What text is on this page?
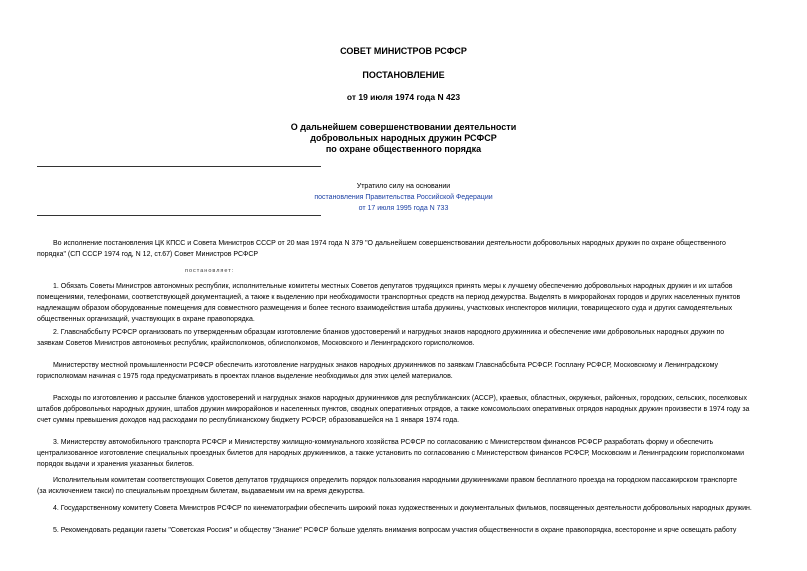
СОВЕТ МИНИСТРОВ РСФСР
ПОСТАНОВЛЕНИЕ
от 19 июля 1974 года N 423
О дальнейшем совершенствовании деятельности
добровольных народных дружин РСФСР
по охране общественного порядка
Утратило силу на основании
постановления Правительства Российской Федерации
от 17 июля 1995 года N 733
Во исполнение постановления ЦК КПСС и Совета Министров СССР от 20 мая 1974 года N 379 "О дальнейшем совершенствовании деятельности добровольных народных дружин по охране общественного
порядка" (СП СССР 1974 год, N 12, ст.67) Совет Министров РСФСР
постановляет:
1. Обязать Советы Министров автономных республик, исполнительные комитеты местных Советов депутатов трудящихся принять меры к лучшему обеспечению добровольных народных дружин и их штабов
помещениями, телефонами, соответствующей документацией, а также к выделению при необходимости транспортных средств на период дежурства. Выделять в микрорайонах городов и других населенных пунктов
надлежащим образом оборудованные помещения для совместного размещения и более тесного взаимодействия штаба дружины, участковых инспекторов милиции, товарищеского суда и других самодеятельных
общественных организаций, участвующих в охране правопорядка.
2. Главснабсбыту РСФСР организовать по утвержденным образцам изготовление бланков удостоверений и нагрудных знаков народного дружинника и обеспечение ими добровольных народных дружин по
заявкам Советов Министров автономных республик, крайисполкомов, облисполкомов, Московского и Ленинградского горисполкомов.
Министерству местной промышленности РСФСР обеспечить изготовление нагрудных знаков народных дружинников по заявкам Главснабсбыта РСФСР. Госплану РСФСР, Московскому и Ленинградскому
горисполкомам начиная с 1975 года предусматривать в проектах планов выделение необходимых для этих целей материалов.
Расходы по изготовлению и рассылке бланков удостоверений и нагрудных знаков народных дружинников для республиканских (АССР), краевых, областных, окружных, районных, городских, сельских, поселковых
штабов добровольных народных дружин, штабов дружин микрорайонов и населенных пунктов, сводных оперативных отрядов, а также комсомольских оперативных отрядов народных дружин произвести в 1974 году за
счет суммы превышения доходов над расходами по республиканскому бюджету РСФСР, образовавшейся на 1 января 1974 года.
3. Министерству автомобильного транспорта РСФСР и Министерству жилищно-коммунального хозяйства РСФСР по согласованию с Министерством финансов РСФСР разработать форму и обеспечить
централизованное изготовление специальных проездных билетов для народных дружинников, а также установить по согласованию с Министерством финансов РСФСР, Московским и Ленинградским горисполкомами
порядок выдачи и хранения указанных билетов.
Исполнительным комитетам соответствующих Советов депутатов трудящихся определить порядок пользования народными дружинниками правом бесплатного проезда на городском пассажирском транспорте
(за исключением такси) по специальным проездным билетам, выдаваемым им на время дежурства.
4. Государственному комитету Совета Министров РСФСР по кинематографии обеспечить широкий показ художественных и документальных фильмов, посвященных деятельности добровольных народных дружин.
5. Рекомендовать редакции газеты "Советская Россия" и обществу "Знание" РСФСР больше уделять внимания вопросам участия общественности в охране правопорядка, всесторонне и ярче освещать работу
